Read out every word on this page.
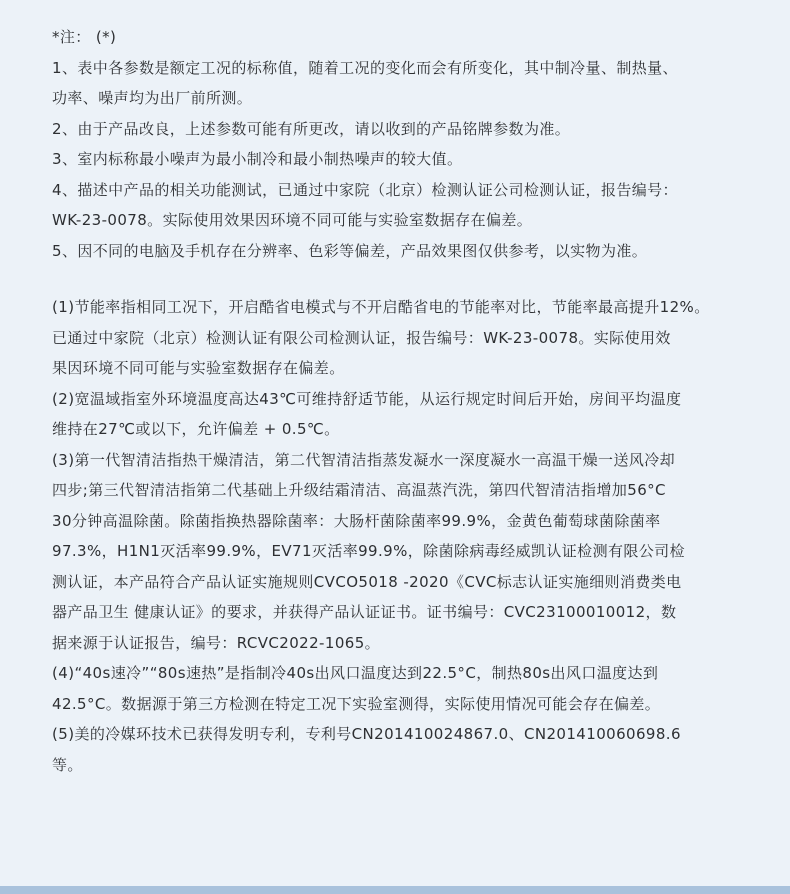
*注： (*)
1、表中各参数是额定工况的标称值，随着工况的变化而会有所变化，其中制冷量、制热量、
功率、噪声均为出厂前所测。
2、由于产品改良，上述参数可能有所更改，请以收到的产品铭牌参数为准。
3、室内标称最小噪声为最小制冷和最小制热噪声的较大值。
4、描述中产品的相关功能测试，已通过中家院（北京）检测认证公司检测认证，报告编号：
WK-23-0078。实际使用效果因环境不同可能与实验室数据存在偏差。
5、因不同的电脑及手机存在分辨率、色彩等偏差，产品效果图仅供参考，以实物为准。
(1)节能率指相同工况下，开启酷省电模式与不开启酷省电的节能率对比，节能率最高提升12%。
已通过中家院（北京）检测认证有限公司检测认证，报告编号：WK-23-0078。实际使用效
果因环境不同可能与实验室数据存在偏差。
(2)宽温域指室外环境温度高达43℃可维持舒适节能，从运行规定时间后开始，房间平均温度
维持在27℃或以下，允许偏差 + 0.5℃。
(3)第一代智清洁指热干燥清洁，第二代智清洁指蒸发凝水一深度凝水一高温干燥一送风冷却
四步;第三代智清洁指第二代基础上升级结霜清洁、高温蒸汽洗，第四代智清洁指增加56°C
30分钟高温除菌。除菌指换热器除菌率：大肠杆菌除菌率99.9%，金黄色葡萄球菌除菌率
97.3%，H1N1灭活率99.9%，EV71灭活率99.9%，除菌除病毒经威凯认证检测有限公司检
测认证，本产品符合产品认证实施规则CVCO5018 -2020《CVC标志认证实施细则消费类电
器产品卫生 健康认证》的要求，并获得产品认证证书。证书编号：CVC23100010012，数
据来源于认证报告，编号：RCVC2022-1065。
(4)“40s速冷”“80s速热”是指制冷40s出风口温度达到22.5°C，制热80s出风口温度达到
42.5°C。数据源于第三方检测在特定工况下实验室测得，实际使用情况可能会存在偏差。
(5)美的冷媒环技术已获得发明专利，专利号CN201410024867.0、CN201410060698.6
等。
